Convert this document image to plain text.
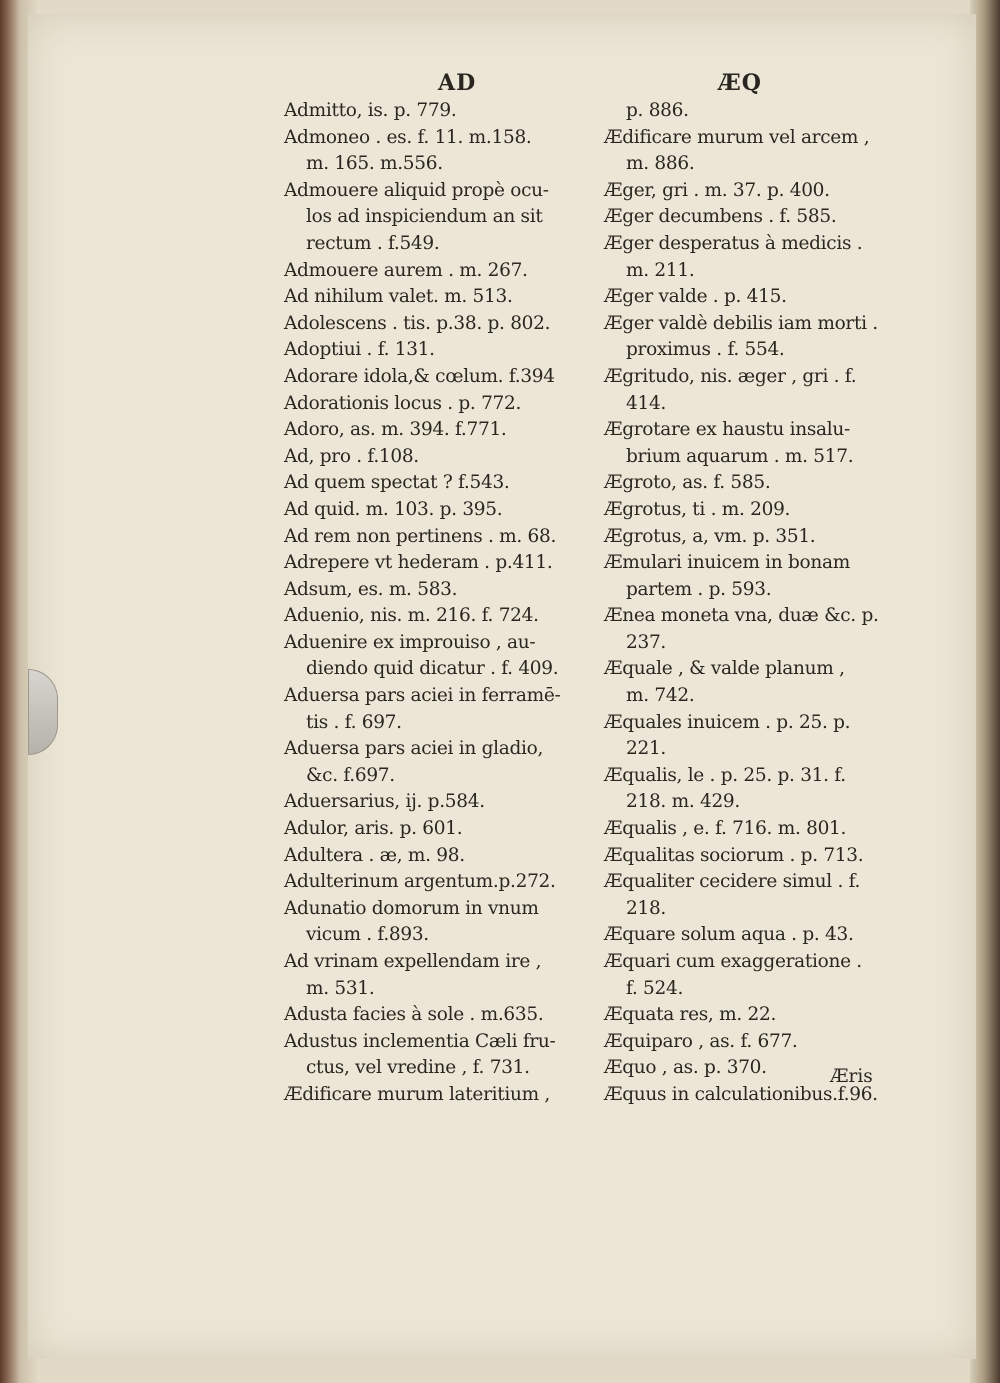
AD	ÆQ
Admitto, is. p. 779.
Admoneo . es. f. 11. m.158.
m. 165. m.556.
Admouere aliquid propè ocu-
los ad inspiciendum an sit
rectum . f.549.
Admouere aurem . m. 267.
Ad nihilum valet. m. 513.
Adolescens . tis. p.38. p. 802.
Adoptiui . f. 131.
Adorare idola,& cœlum. f.394
Adorationis locus . p. 772.
Adoro, as. m. 394. f.771.
Ad, pro . f.108.
Ad quem spectat ? f.543.
Ad quid. m. 103. p. 395.
Ad rem non pertinens . m. 68.
Adrepere vt hederam . p.411.
Adsum, es. m. 583.
Aduenio, nis. m. 216. f. 724.
Aduenire ex improuiso , au-
diendo quid dicatur . f. 409.
Aduersa pars aciei in ferramē-
tis . f. 697.
Aduersa pars aciei in gladio,
&c. f.697.
Aduersarius, ij. p.584.
Adulor, aris. p. 601.
Adultera . æ, m. 98.
Adulterinum argentum.p.272.
Adunatio domorum in vnum
vicum . f.893.
Ad vrinam expellendam ire ,
m. 531.
Adusta facies à sole . m.635.
Adustus inclementia Cæli fru-
ctus, vel vredine , f. 731.
Ædificare murum lateritium ,
p. 886.
Ædificare murum vel arcem ,
m. 886.
Æger, gri . m. 37. p. 400.
Æger decumbens . f. 585.
Æger desperatus à medicis .
m. 211.
Æger valde . p. 415.
Æger valdè debilis iam morti .
proximus . f. 554.
Ægritudo, nis. æger , gri . f.
414.
Ægrotare ex haustu insalu-
brium aquarum . m. 517.
Ægroto, as. f. 585.
Ægrotus, ti . m. 209.
Ægrotus, a, vm. p. 351.
Æmulari inuicem in bonam
partem . p. 593.
Ænea moneta vna, duæ &c. p.
237.
Æquale , & valde planum ,
m. 742.
Æquales inuicem . p. 25. p.
221.
Æqualis, le . p. 25. p. 31. f.
218. m. 429.
Æqualis , e. f. 716. m. 801.
Æqualitas sociorum . p. 713.
Æqualiter cecidere simul . f.
218.
Æquare solum aqua . p. 43.
Æquari cum exaggeratione .
f. 524.
Æquata res, m. 22.
Æquiparo , as. f. 677.
Æquo , as. p. 370.
Æquus in calculationibus.f.96.
Æris
